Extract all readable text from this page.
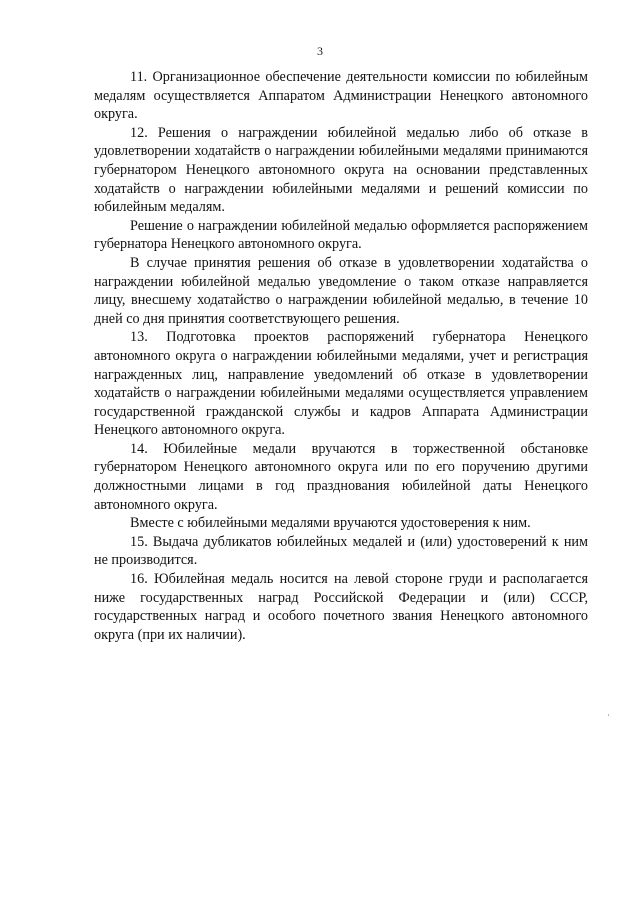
3

11. Организационное обеспечение деятельности комиссии по юбилейным медалям осуществляется Аппаратом Администрации Ненецкого автономного округа.

12. Решения о награждении юбилейной медалью либо об отказе в удовлетворении ходатайств о награждении юбилейными медалями принимаются губернатором Ненецкого автономного округа на основании представленных ходатайств о награждении юбилейными медалями и решений комиссии по юбилейным медалям.

Решение о награждении юбилейной медалью оформляется распоряжением губернатора Ненецкого автономного округа.

В случае принятия решения об отказе в удовлетворении ходатайства о награждении юбилейной медалью уведомление о таком отказе направляется лицу, внесшему ходатайство о награждении юбилейной медалью, в течение 10 дней со дня принятия соответствующего решения.

13. Подготовка проектов распоряжений губернатора Ненецкого автономного округа о награждении юбилейными медалями, учет и регистрация награжденных лиц, направление уведомлений об отказе в удовлетворении ходатайств о награждении юбилейными медалями осуществляется управлением государственной гражданской службы и кадров Аппарата Администрации Ненецкого автономного округа.

14. Юбилейные медали вручаются в торжественной обстановке губернатором Ненецкого автономного округа или по его поручению другими должностными лицами в год празднования юбилейной даты Ненецкого автономного округа.

Вместе с юбилейными медалями вручаются удостоверения к ним.

15. Выдача дубликатов юбилейных медалей и (или) удостоверений к ним не производится.

16. Юбилейная медаль носится на левой стороне груди и располагается ниже государственных наград Российской Федерации и (или) СССР, государственных наград и особого почетного звания Ненецкого автономного округа (при их наличии).
